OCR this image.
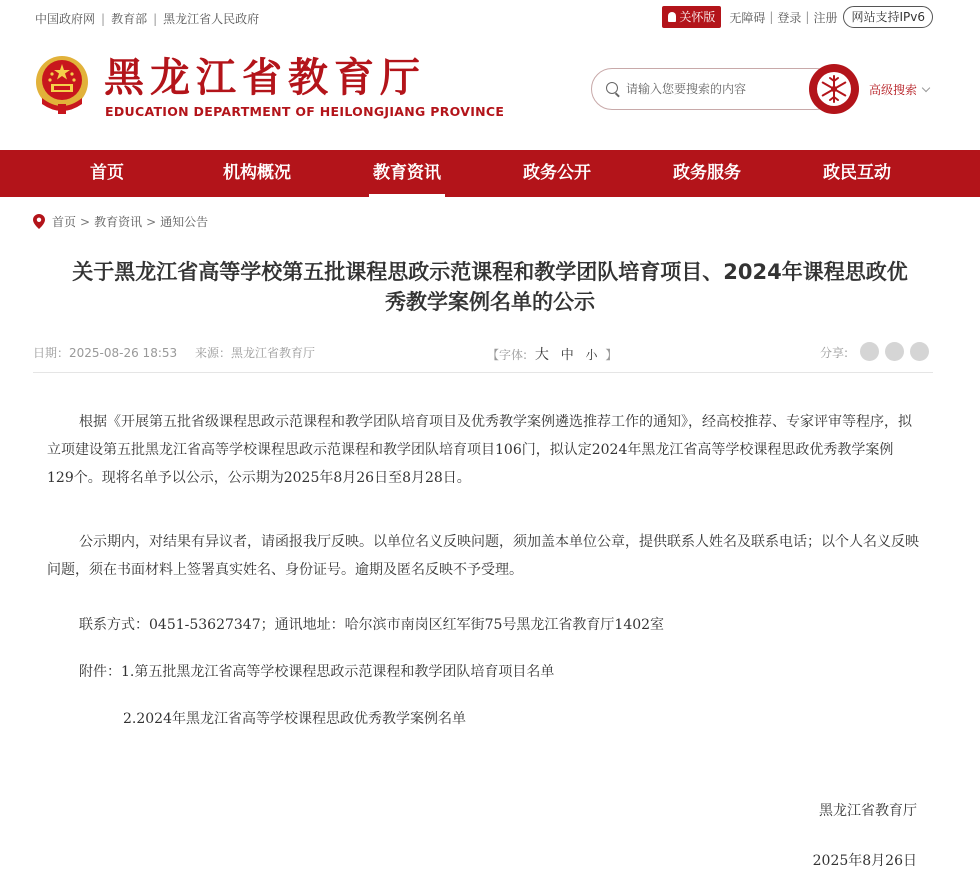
中国政府网 | 教育部 | 黑龙江省人民政府	关怀版 无障碍 | 登录 | 注册	网站支持IPv6
黑龙江省教育厅
EDUCATION DEPARTMENT OF HEILONGJIANG PROVINCE
请输入您要搜索的内容
高级搜索
首页	机构概况	教育资讯	政务公开	政务服务	政民互动
首页 > 教育资讯 > 通知公告
关于黑龙江省高等学校第五批课程思政示范课程和教学团队培育项目、2024年课程思政优
秀教学案例名单的公示
日期：2025-08-26 18:53 来源：黑龙江省教育厅	【字体: 大 中 小 】	分享:

根据《开展第五批省级课程思政示范课程和教学团队培育项目及优秀教学案例遴选推荐工作的通知》，经高校推荐、专家评审等程序，拟立项建设第五批黑龙江省高等学校课程思政示范课程和教学团队培育项目106门，拟认定2024年黑龙江省高等学校课程思政优秀教学案例129个。现将名单予以公示，公示期为2025年8月26日至8月28日。

公示期内，对结果有异议者，请函报我厅反映。以单位名义反映问题，须加盖本单位公章，提供联系人姓名及联系电话；以个人名义反映问题，须在书面材料上签署真实姓名、身份证号。逾期及匿名反映不予受理。

联系方式：0451-53627347；通讯地址：哈尔滨市南岗区红军街75号黑龙江省教育厅1402室

附件：1.第五批黑龙江省高等学校课程思政示范课程和教学团队培育项目名单

2.2024年黑龙江省高等学校课程思政优秀教学案例名单

黑龙江省教育厅
2025年8月26日
